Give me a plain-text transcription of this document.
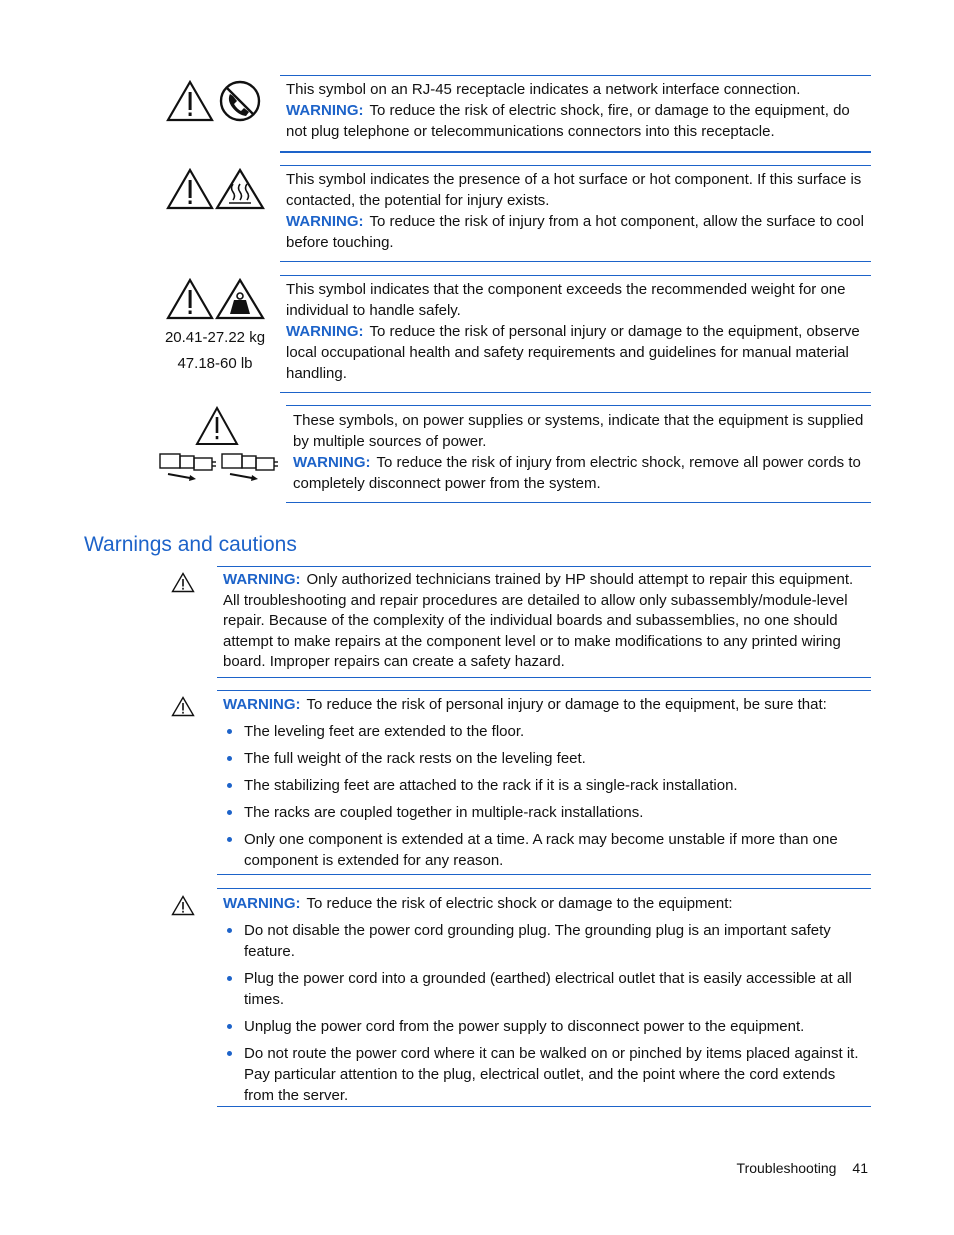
This symbol on an RJ-45 receptacle indicates a network interface connection.

WARNING: To reduce the risk of electric shock, fire, or damage to the equipment, do not plug telephone or telecommunications connectors into this receptacle.

This symbol indicates the presence of a hot surface or hot component. If this surface is contacted, the potential for injury exists.

WARNING: To reduce the risk of injury from a hot component, allow the surface to cool before touching.

20.41-27.22 kg
47.18-60 lb

This symbol indicates that the component exceeds the recommended weight for one individual to handle safely.

WARNING: To reduce the risk of personal injury or damage to the equipment, observe local occupational health and safety requirements and guidelines for manual material handling.

These symbols, on power supplies or systems, indicate that the equipment is supplied by multiple sources of power.

WARNING: To reduce the risk of injury from electric shock, remove all power cords to completely disconnect power from the system.

Warnings and cautions

WARNING: Only authorized technicians trained by HP should attempt to repair this equipment. All troubleshooting and repair procedures are detailed to allow only subassembly/module-level repair. Because of the complexity of the individual boards and subassemblies, no one should attempt to make repairs at the component level or to make modifications to any printed wiring board. Improper repairs can create a safety hazard.

WARNING: To reduce the risk of personal injury or damage to the equipment, be sure that:

The leveling feet are extended to the floor.
The full weight of the rack rests on the leveling feet.
The stabilizing feet are attached to the rack if it is a single-rack installation.
The racks are coupled together in multiple-rack installations.
Only one component is extended at a time. A rack may become unstable if more than one component is extended for any reason.

WARNING: To reduce the risk of electric shock or damage to the equipment:

Do not disable the power cord grounding plug. The grounding plug is an important safety feature.
Plug the power cord into a grounded (earthed) electrical outlet that is easily accessible at all times.
Unplug the power cord from the power supply to disconnect power to the equipment.
Do not route the power cord where it can be walked on or pinched by items placed against it. Pay particular attention to the plug, electrical outlet, and the point where the cord extends from the server.
Troubleshooting 41
